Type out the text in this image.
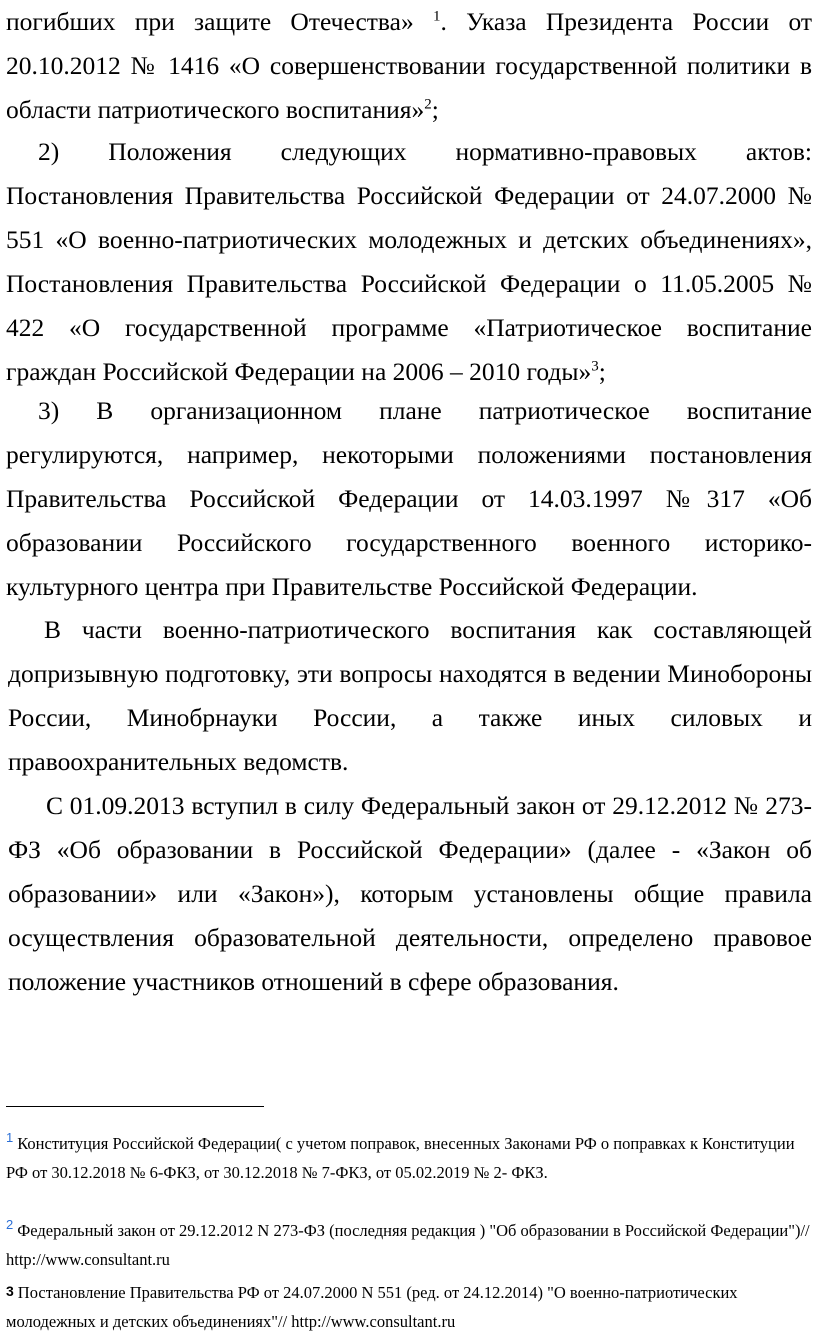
погибших при защите Отечества» $^1$. Указа Президента России от 20.10.2012 № 1416 «О совершенствовании государственной политики в области патриотического воспитания»$^2$;

2) Положения следующих нормативно-правовых актов: Постановления Правительства Российской Федерации от 24.07.2000 № 551 «О военно-патриотических молодежных и детских объединениях», Постановления Правительства Российской Федерации о 11.05.2005 № 422 «О государственной программе «Патриотическое воспитание граждан Российской Федерации на 2006 – 2010 годы»$^3$;

3) В организационном плане патриотическое воспитание регулируются, например, некоторыми положениями постановления Правительства Российской Федерации от 14.03.1997 №317 «Об образовании Российского государственного военного историко-культурного центра при Правительстве Российской Федерации.

В части военно-патриотического воспитания как составляющей допризывную подготовку, эти вопросы находятся в ведении Минобороны России, Минобрнауки России, а также иных силовых и правоохранительных ведомств.

С 01.09.2013 вступил в силу Федеральный закон от 29.12.2012 № 273-ФЗ «Об образовании в Российской Федерации» (далее - «Закон об образовании» или «Закон»), которым установлены общие правила осуществления образовательной деятельности, определено правовое положение участников отношений в сфере образования.

$^1$ Конституция Российской Федерации( с учетом поправок, внесенных Законами РФ о поправках к Конституции РФ от 30.12.2018 № 6-ФКЗ, от 30.12.2018 № 7-ФКЗ, от 05.02.2019 № 2- ФКЗ.

$^2$ Федеральный закон от 29.12.2012 N 273-ФЗ (последняя редакция ) "Об образовании в Российской Федерации")// http://www.consultant.ru

3 Постановление Правительства РФ от 24.07.2000 N 551 (ред. от 24.12.2014) "О военно-патриотических молодежных и детских объединениях"// http://www.consultant.ru
